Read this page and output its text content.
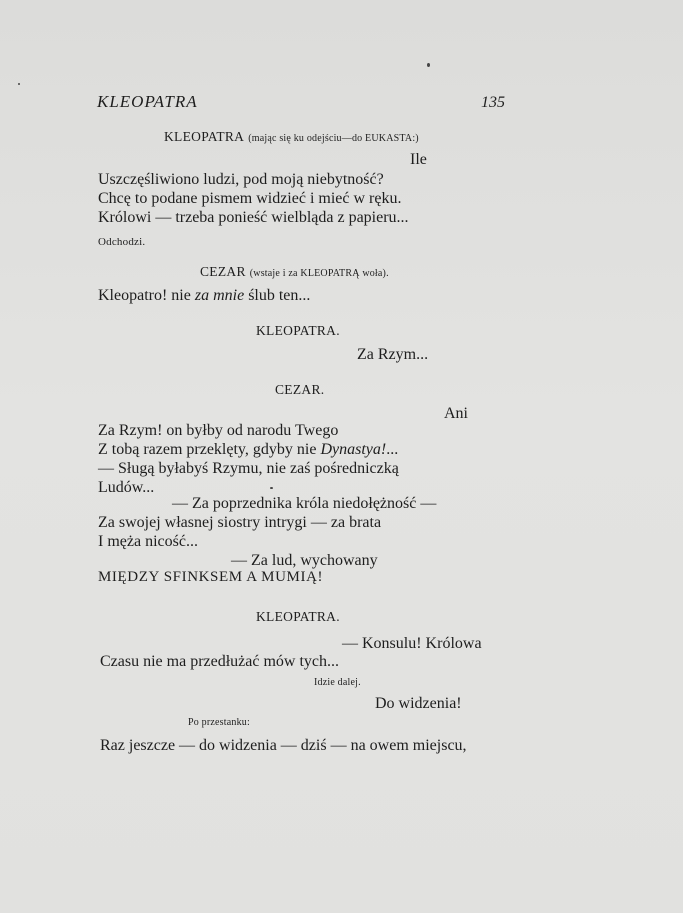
KLEOPATRA	135
KLEOPATRA (mając się ku odejściu—do EUKASTA:)
Ile
Uszczęśliwiono ludzi, pod moją niebytność?
Chcę to podane pismem widzieć i mieć w ręku.
Królowi — trzeba ponieść wielbląda z papieru...
Odchodzi.
CEZAR (wstaje i za KLEOPATRĄ woła).
Kleopatro! nie za mnie ślub ten...
KLEOPATRA.
Za Rzym...
CEZAR.
Ani
Za Rzym! on byłby od narodu Twego
Z tobą razem przeklęty, gdyby nie Dynastya!...
— Sługą byłabyś Rzymu, nie zaś pośredniczką
Ludów...
— Za poprzednika króla niedołężność —
Za swojej własnej siostry intrygi — za brata
I męża nicość...
— Za lud, wychowany
MIĘDZY SFINKSEM A MUMIĄ!
KLEOPATRA.
— Konsulu! Królowa
Czasu nie ma przedłużać mów tych...
Idzie dalej.
Do widzenia!
Po przestanku:
Raz jeszcze — do widzenia — dziś — na owem miejscu,
